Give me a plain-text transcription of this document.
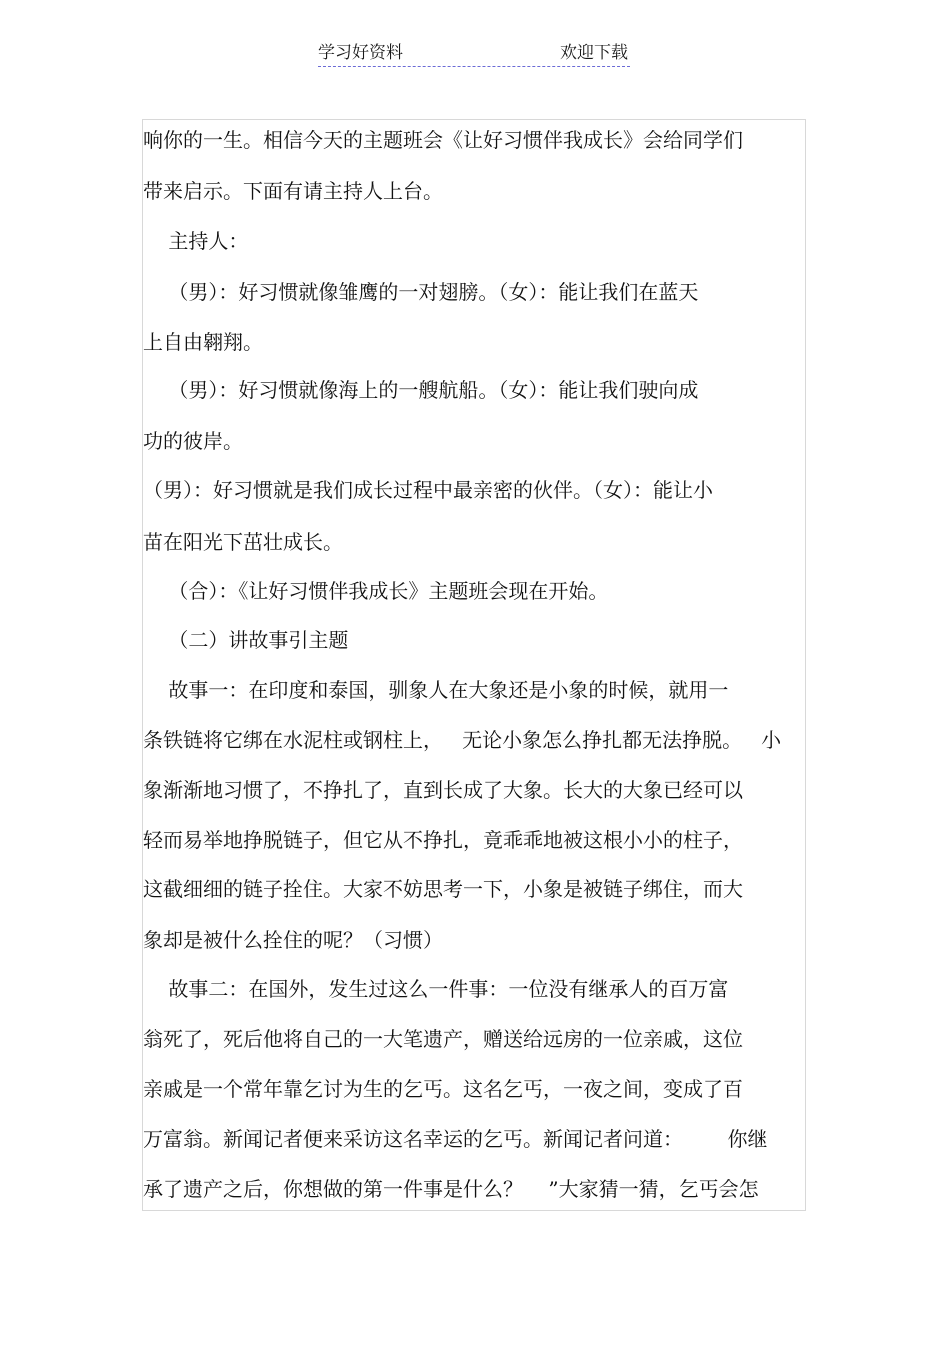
学习好资料	欢迎下载
响你的一生。相信今天的主题班会《让好习惯伴我成长》会给同学们
带来启示。下面有请主持人上台。
主持人：
（男）：好习惯就像雏鹰的一对翅膀。（女）：能让我们在蓝天
上自由翱翔。
（男）：好习惯就像海上的一艘航船。（女）：能让我们驶向成
功的彼岸。
（男）：好习惯就是我们成长过程中最亲密的伙伴。（女）：能让小
苗在阳光下茁壮成长。
（合）：《让好习惯伴我成长》主题班会现在开始。
（二）讲故事引主题
故事一：在印度和泰国，驯象人在大象还是小象的时候，就用一
条铁链将它绑在水泥柱或钢柱上，   无论小象怎么挣扎都无法挣脱。   小
象渐渐地习惯了，不挣扎了，直到长成了大象。长大的大象已经可以
轻而易举地挣脱链子，但它从不挣扎，竟乖乖地被这根小小的柱子，
这截细细的链子拴住。大家不妨思考一下，小象是被链子绑住，而大
象却是被什么拴住的呢？（习惯）
故事二：在国外，发生过这么一件事：一位没有继承人的百万富
翁死了，死后他将自己的一大笔遗产，赠送给远房的一位亲戚，这位
亲戚是一个常年靠乞讨为生的乞丐。这名乞丐，一夜之间，变成了百
万富翁。新闻记者便来采访这名幸运的乞丐。新闻记者问道：       你继
承了遗产之后，你想做的第一件事是什么？    ”大家猜一猜，乞丐会怎
